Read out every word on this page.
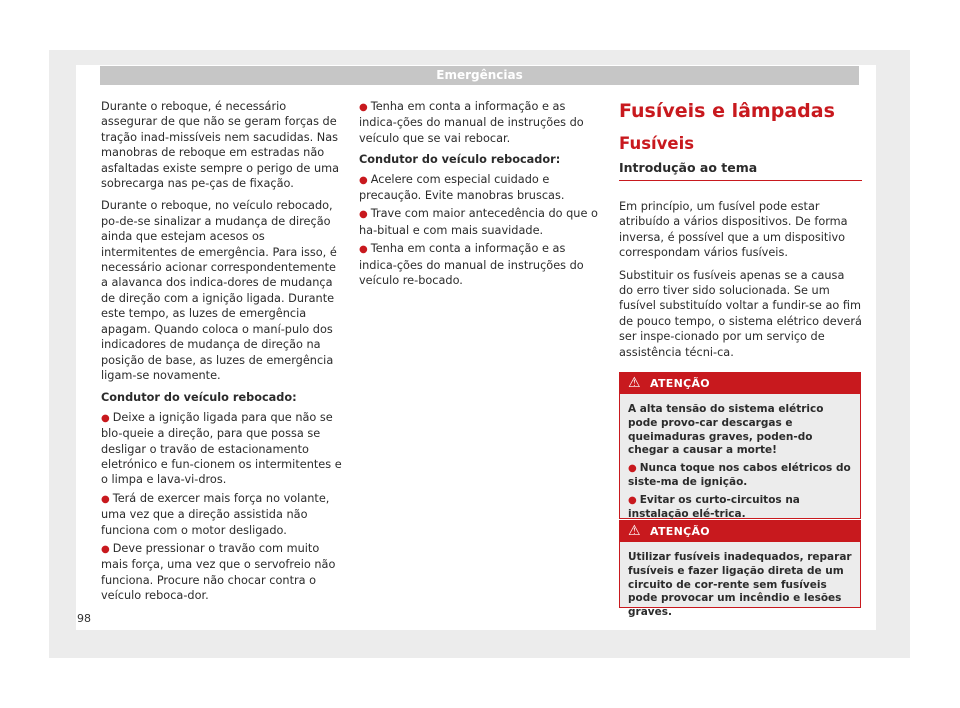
Emergências

Durante o reboque, é necessário assegurar de que não se geram forças de tração inad-missíveis nem sacudidas. Nas manobras de reboque em estradas não asfaltadas existe sempre o perigo de uma sobrecarga nas pe-ças de fixação.

Durante o reboque, no veículo rebocado, po-de-se sinalizar a mudança de direção ainda que estejam acesos os intermitentes de emergência. Para isso, é necessário acionar correspondentemente a alavanca dos indica-dores de mudança de direção com a ignição ligada. Durante este tempo, as luzes de emergência apagam. Quando coloca o maní-pulo dos indicadores de mudança de direção na posição de base, as luzes de emergência ligam-se novamente.

Condutor do veículo rebocado:

● Deixe a ignição ligada para que não se blo-queie a direção, para que possa se desligar o travão de estacionamento eletrónico e fun-cionem os intermitentes e o limpa e lava-vi-dros.

● Terá de exercer mais força no volante, uma vez que a direção assistida não funciona com o motor desligado.

● Deve pressionar o travão com muito mais força, uma vez que o servofreio não funciona. Procure não chocar contra o veículo reboca-dor.

● Tenha em conta a informação e as indica-ções do manual de instruções do veículo que se vai rebocar.

Condutor do veículo rebocador:

● Acelere com especial cuidado e precaução. Evite manobras bruscas.

● Trave com maior antecedência do que o ha-bitual e com mais suavidade.

● Tenha em conta a informação e as indica-ções do manual de instruções do veículo re-bocado.

Fusíveis e lâmpadas
Fusíveis
Introdução ao tema

Em princípio, um fusível pode estar atribuído a vários dispositivos. De forma inversa, é possível que a um dispositivo correspondam vários fusíveis.

Substituir os fusíveis apenas se a causa do erro tiver sido solucionada. Se um fusível substituído voltar a fundir-se ao fim de pouco tempo, o sistema elétrico deverá ser inspe-cionado por um serviço de assistência técni-ca.

⚠ ATENÇÃO

A alta tensão do sistema elétrico pode provo-car descargas e queimaduras graves, poden-do chegar a causar a morte!

● Nunca toque nos cabos elétricos do siste-ma de ignição.

● Evitar os curto-circuitos na instalação elé-trica.

⚠ ATENÇÃO

Utilizar fusíveis inadequados, reparar fusíveis e fazer ligação direta de um circuito de cor-rente sem fusíveis pode provocar um incêndio e lesões graves.

98
